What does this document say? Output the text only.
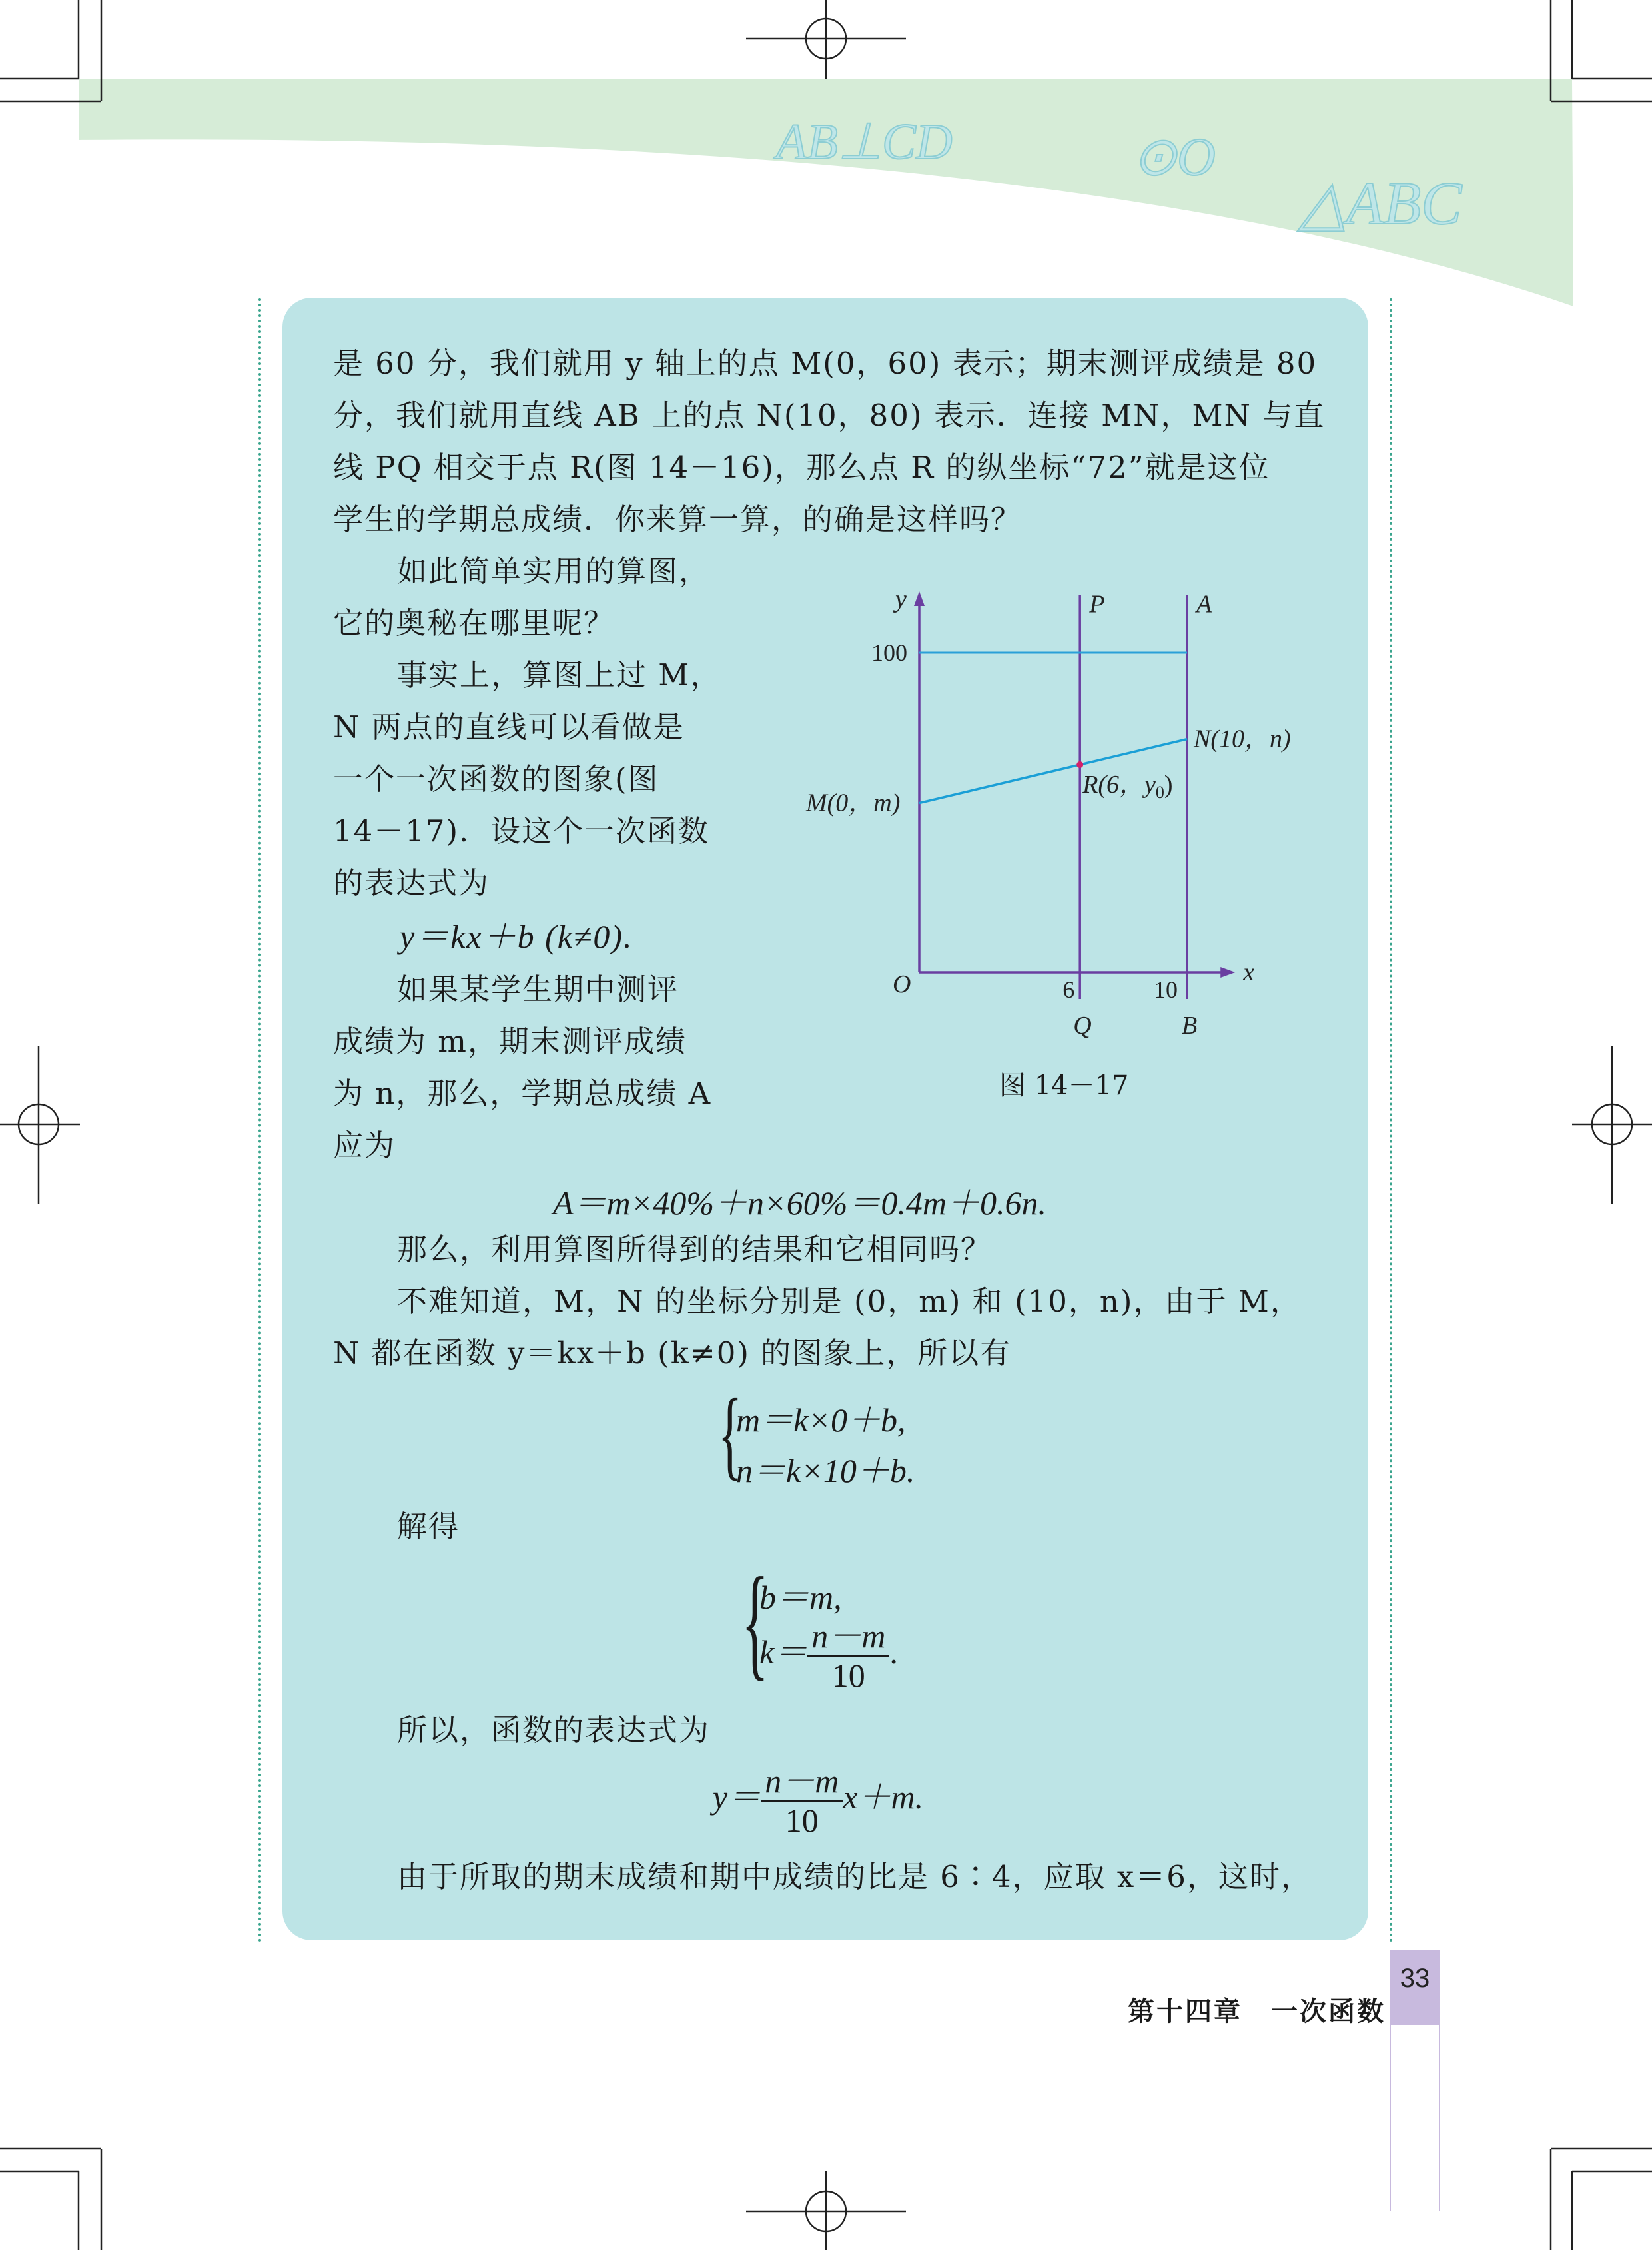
AB⊥CD	⊙O
△ABC
是 60 分，我们就用 y 轴上的点 M(0，60) 表示；期末测评成绩是 80
分，我们就用直线 AB 上的点 N(10，80) 表示．连接 MN，MN 与直
线 PQ 相交于点 R(图 14－16)，那么点 R 的纵坐标“72”就是这位
学生的学期总成绩．你来算一算，的确是这样吗？
如此简单实用的算图，
它的奥秘在哪里呢？
事实上，算图上过 M，
N 两点的直线可以看做是
一个一次函数的图象(图
14－17)．设这个一次函数
的表达式为
y＝kx＋b (k≠0).
如果某学生期中测评
成绩为 m，期末测评成绩
为 n，那么，学期总成绩 A
应为
x
y
O
P
Q
A
B
6	10
100
M(0，m)
R(6，$y_0$)
N(10，n)
图 14－17
A＝m×40%＋n×60%＝0.4m＋0.6n.
那么，利用算图所得到的结果和它相同吗？
不难知道，M，N 的坐标分别是 (0，m) 和 (10，n)，由于 M，
N 都在函数 y＝kx＋b (k≠0) 的图象上，所以有
{
m＝k×0＋b,
n＝k×10＋b.
解得
{
b＝m,
$k= \frac{n-m}{10}$ .
所以，函数的表达式为
$y= \frac{n-m}{10} x+m$.
由于所取的期末成绩和期中成绩的比是 6∶4，应取 x＝6，这时，
第十四章　一次函数
33
